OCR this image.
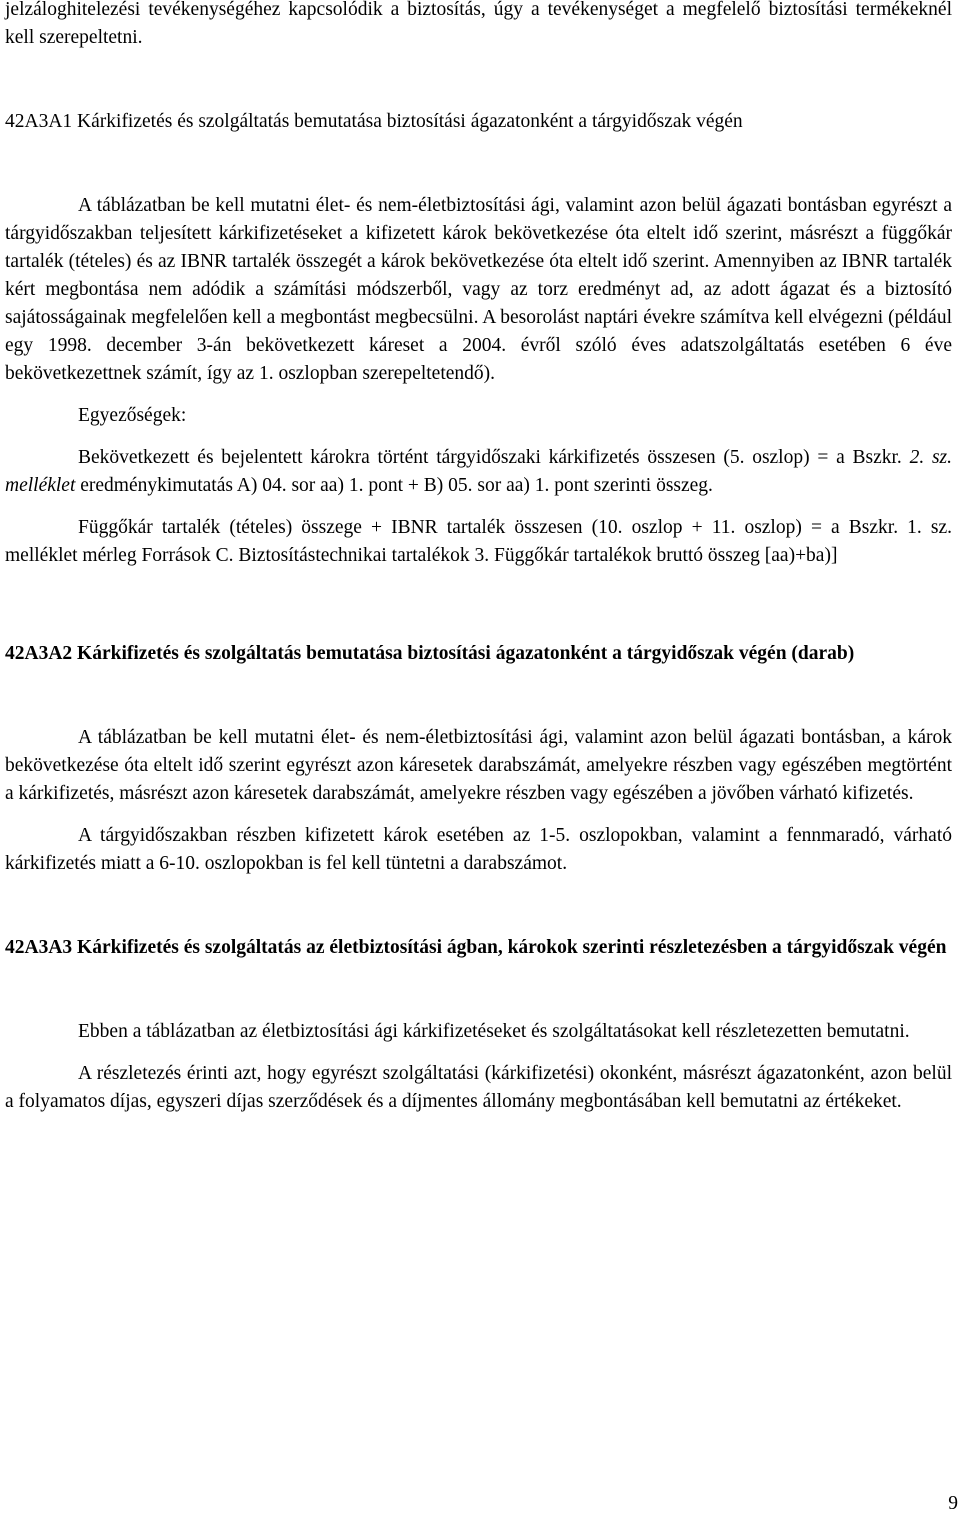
jelzáloghitelezési tevékenységéhez kapcsolódik a biztosítás, úgy a tevékenységet a megfelelő biztosítási termékeknél kell szerepeltetni.

42A3A1 Kárkifizetés és szolgáltatás bemutatása biztosítási ágazatonként a tárgyidőszak végén

A táblázatban be kell mutatni élet- és nem-életbiztosítási ági, valamint azon belül ágazati bontásban egyrészt a tárgyidőszakban teljesített kárkifizetéseket a kifizetett károk bekövetkezése óta eltelt idő szerint, másrészt a függőkár tartalék (tételes) és az IBNR tartalék összegét a károk bekövetkezése óta eltelt idő szerint. Amennyiben az IBNR tartalék kért megbontása nem adódik a számítási módszerből, vagy az torz eredményt ad, az adott ágazat és a biztosító sajátosságainak megfelelően kell a megbontást megbecsülni. A besorolást naptári évekre számítva kell elvégezni (például egy 1998. december 3-án bekövetkezett káreset a 2004. évről szóló éves adatszolgáltatás esetében 6 éve bekövetkezettnek számít, így az 1. oszlopban szerepeltetendő).

Egyezőségek:

Bekövetkezett és bejelentett károkra történt tárgyidőszaki kárkifizetés összesen (5. oszlop) = a Bszkr. 2. sz. melléklet eredménykimutatás A) 04. sor aa) 1. pont + B) 05. sor aa) 1. pont szerinti összeg.

Függőkár tartalék (tételes) összege + IBNR tartalék összesen (10. oszlop + 11. oszlop) = a Bszkr. 1. sz. melléklet mérleg Források C. Biztosítástechnikai tartalékok 3. Függőkár tartalékok bruttó összeg [aa)+ba)]

42A3A2 Kárkifizetés és szolgáltatás bemutatása biztosítási ágazatonként a tárgyidőszak végén (darab)

A táblázatban be kell mutatni élet- és nem-életbiztosítási ági, valamint azon belül ágazati bontásban, a károk bekövetkezése óta eltelt idő szerint egyrészt azon káresetek darabszámát, amelyekre részben vagy egészében megtörtént a kárkifizetés, másrészt azon káresetek darabszámát, amelyekre részben vagy egészében a jövőben várható kifizetés.

A tárgyidőszakban részben kifizetett károk esetében az 1-5. oszlopokban, valamint a fennmaradó, várható kárkifizetés miatt a 6-10. oszlopokban is fel kell tüntetni a darabszámot.

42A3A3 Kárkifizetés és szolgáltatás az életbiztosítási ágban, károkok szerinti részletezésben a tárgyidőszak végén

Ebben a táblázatban az életbiztosítási ági kárkifizetéseket és szolgáltatásokat kell részletezetten bemutatni.

A részletezés érinti azt, hogy egyrészt szolgáltatási (kárkifizetési) okonként, másrészt ágazatonként, azon belül a folyamatos díjas, egyszeri díjas szerződések és a díjmentes állomány megbontásában kell bemutatni az értékeket.

9
